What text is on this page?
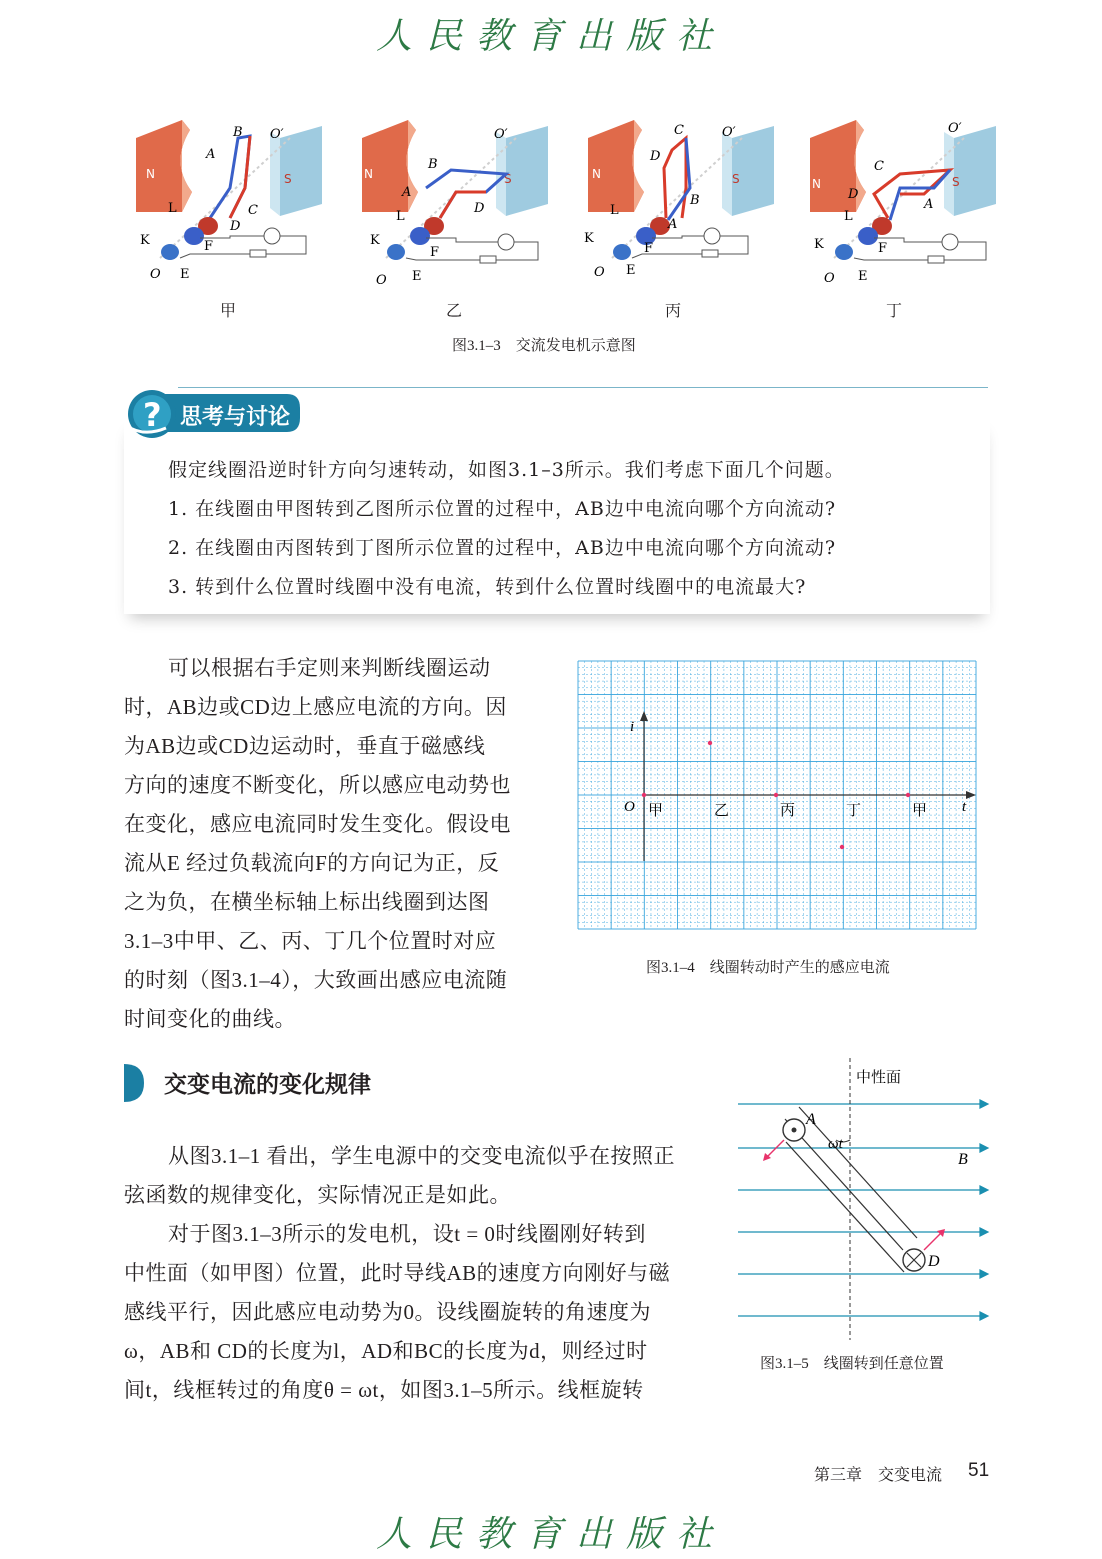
人民教育出版社
N	S
B
A
C
D
O′
L
K	F
O E
N	S
B
A
D
O′
L
K
F
O E
N	S
C
D
B
A
O′
L
K
F
O E
N	S
C
D
A
O′
L
K	F
O E
甲	乙	丙	丁
图3.1–3　交流发电机示意图
? 思考与讨论
假定线圈沿逆时针方向匀速转动，如图3.1–3所示。我们考虑下面几个问题。
1. 在线圈由甲图转到乙图所示位置的过程中，AB边中电流向哪个方向流动?
2. 在线圈由丙图转到丁图所示位置的过程中，AB边中电流向哪个方向流动?
3. 转到什么位置时线圈中没有电流，转到什么位置时线圈中的电流最大?
可以根据右手定则来判断线圈运动
时，AB边或CD边上感应电流的方向。因
为AB边或CD边运动时，垂直于磁感线
方向的速度不断变化，所以感应电动势也
在变化，感应电流同时发生变化。假设电
流从E 经过负载流向F的方向记为正，反
之为负，在横坐标轴上标出线圈到达图
3.1–3中甲、乙、丙、丁几个位置时对应
的时刻（图3.1–4），大致画出感应电流随
时间变化的曲线。
i
t
O 甲	乙	丙	丁	甲
图3.1–4　线圈转动时产生的感应电流
交变电流的变化规律
从图3.1–1 看出，学生电源中的交变电流似乎在按照正
弦函数的规律变化，实际情况正是如此。
对于图3.1–3所示的发电机，设t = 0时线圈刚好转到
中性面（如甲图）位置，此时导线AB的速度方向刚好与磁
感线平行，因此感应电动势为0。设线圈旋转的角速度为
ω，AB和 CD的长度为l，AD和BC的长度为d，则经过时
间t，线框转过的角度θ = ωt，如图3.1–5所示。线框旋转
中性面
A
D
B
ωt
图3.1–5　线圈转到任意位置
第三章　交变电流 51
人民教育出版社
